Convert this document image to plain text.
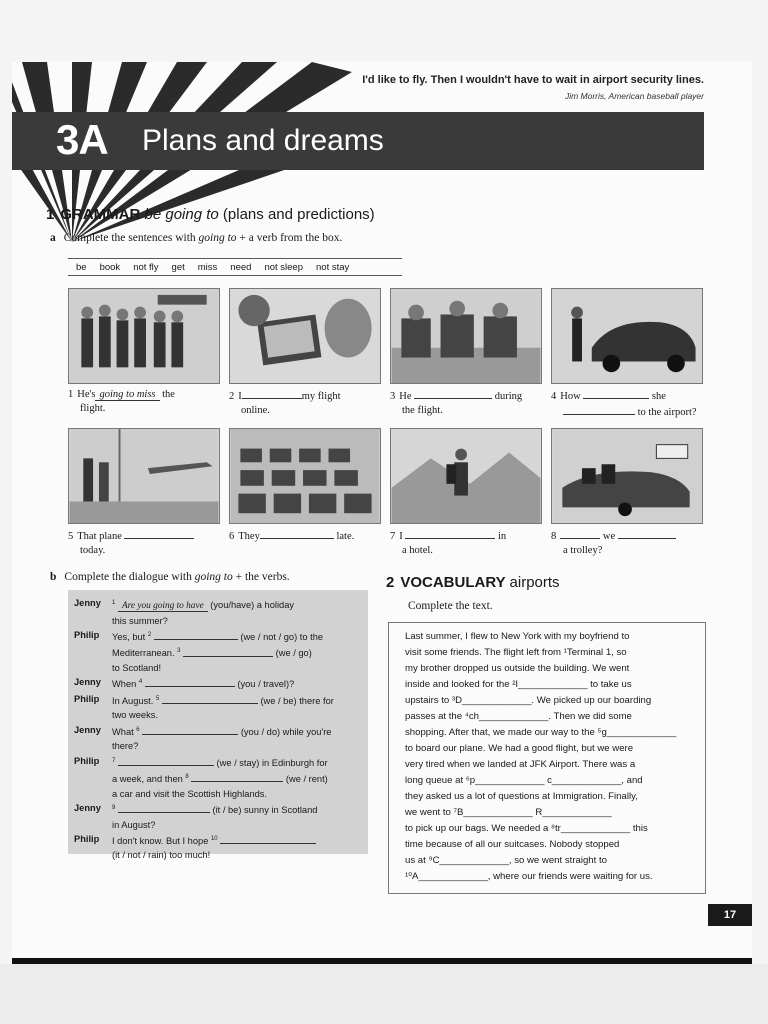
I'd like to fly. Then I wouldn't have to wait in airport security lines.
Jim Morris, American baseball player
3A Plans and dreams
1 GRAMMAR be going to (plans and predictions)
a Complete the sentences with going to + a verb from the box.
be book not fly get miss need not sleep not stay
1 He's going to miss the
flight.
2 I	my flight
online.
3 He	during
the flight.
4 How	she
to the airport?
5 That plane
today.
6 They	late.	7 I	in
a hotel.
8	we
a trolley?
b Complete the dialogue with going to + the verbs.
Jenny	$^1$ Are you going to have (you/have) a holiday
this summer?
Philip	Yes, but $^2$	(we / not / go) to the
Mediterranean. $^3$	(we / go)
to Scotland!
Jenny	When $^4$	(you / travel)?
Philip	In August. $^5$	(we / be) there for
two weeks.
Jenny	What $^6$	(you / do) while you're
there?
Philip	$^7$	(we / stay) in Edinburgh for
a week, and then $^8$	(we / rent)
a car and visit the Scottish Highlands.
Jenny	$^9$	(it / be) sunny in Scotland
in August?
Philip	I don't know. But I hope $^{10}$
(it / not / rain) too much!
2 VOCABULARY airports
Complete the text.
Last summer, I flew to New York with my boyfriend to
visit some friends. The flight left from ¹Terminal 1, so
my brother dropped us outside the building. We went
inside and looked for the ²I_____________ to take us
upstairs to ³D_____________. We picked up our boarding
passes at the ⁴ch_____________. Then we did some
shopping. After that, we made our way to the ⁵g_____________
to board our plane. We had a good flight, but we were
very tired when we landed at JFK Airport. There was a
long queue at ⁶p_____________ c_____________, and
they asked us a lot of questions at Immigration. Finally,
we went to ⁷B_____________ R_____________
to pick up our bags. We needed a ⁸tr_____________ this
time because of all our suitcases. Nobody stopped
us at ⁹C_____________, so we went straight to
¹⁰A_____________, where our friends were waiting for us.
17
